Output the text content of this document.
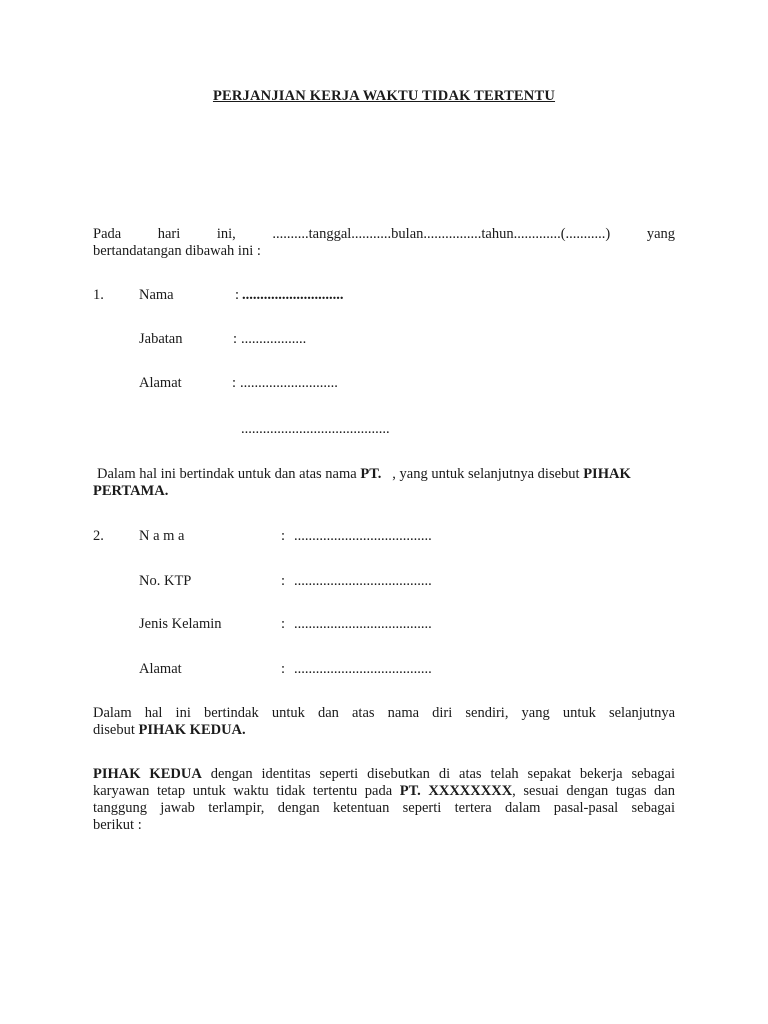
PERJANJIAN KERJA WAKTU TIDAK TERTENTU
Pada	hari	ini,	..........tanggal...........bulan................tahun.............(...........)	yang
bertandatangan dibawah ini :
1. Nama	: ............................
Jabatan	: ..................
Alamat	: ...........................
.........................................
Dalam hal ini bertindak untuk dan atas nama PT.   , yang untuk selanjutnya disebut PIHAK
PERTAMA.
2. N a m a	: ......................................
No. KTP	: ......................................
Jenis Kelamin	: ......................................
Alamat	: ......................................
Dalam hal ini bertindak untuk dan atas nama diri sendiri, yang untuk selanjutnya
disebut PIHAK KEDUA.
PIHAK KEDUA dengan identitas seperti disebutkan di atas telah sepakat bekerja sebagai
karyawan tetap untuk waktu tidak tertentu pada PT. XXXXXXXX, sesuai dengan tugas dan
tanggung jawab terlampir, dengan ketentuan seperti tertera dalam pasal-pasal sebagai
berikut :
